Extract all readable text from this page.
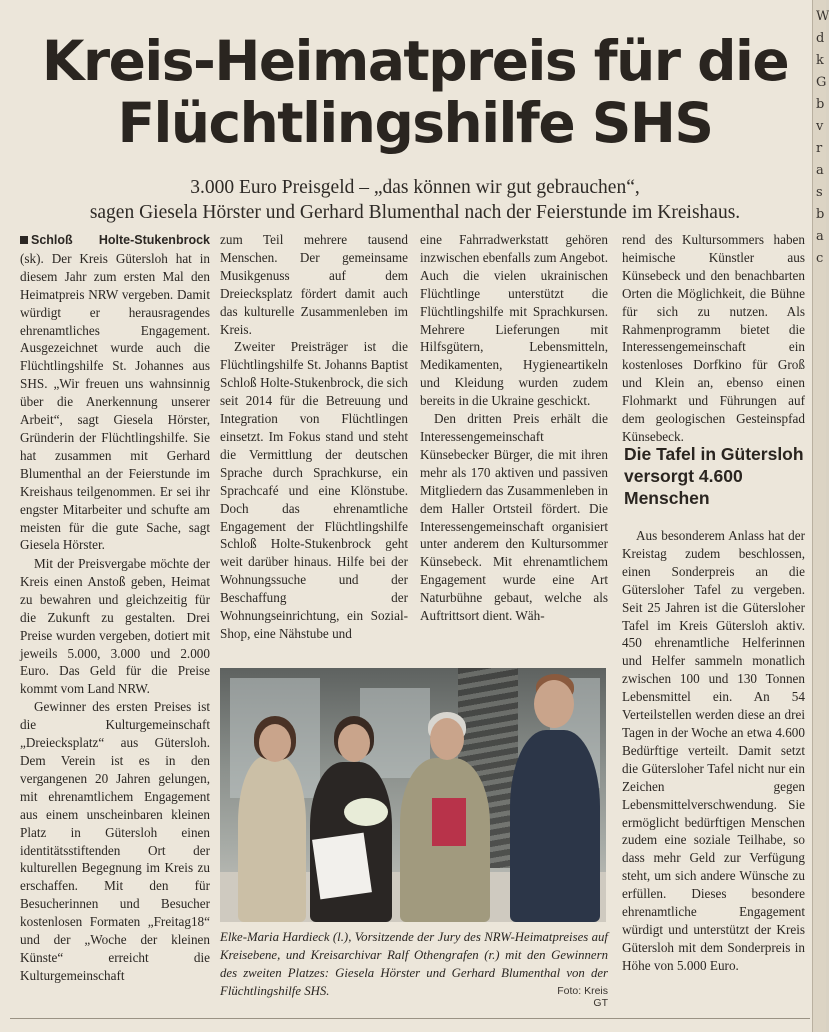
Kreis-Heimatpreis für die
Flüchtlingshilfe SHS
3.000 Euro Preisgeld – „das können wir gut gebrauchen“,
sagen Giesela Hörster und Gerhard Blumenthal nach der Feierstunde im Kreishaus.

Schloß Holte-Stukenbrock (sk). Der Kreis Gütersloh hat in diesem Jahr zum ersten Mal den Heimatpreis NRW vergeben. Damit würdigt er herausragendes ehrenamtliches Engagement. Ausgezeichnet wurde auch die Flüchtlingshilfe St. Johannes aus SHS. „Wir freuen uns wahnsinnig über die Anerkennung unserer Arbeit“, sagt Giesela Hörster, Gründerin der Flüchtlingshilfe. Sie hat zusammen mit Gerhard Blumenthal an der Feierstunde im Kreishaus teilgenommen. Er sei ihr engster Mitarbeiter und schufte am meisten für die gute Sache, sagt Giesela Hörster.

Mit der Preisvergabe möchte der Kreis einen Anstoß geben, Heimat zu bewahren und gleichzeitig für die Zukunft zu gestalten. Drei Preise wurden vergeben, dotiert mit jeweils 5.000, 3.000 und 2.000 Euro. Das Geld für die Preise kommt vom Land NRW.

Gewinner des ersten Preises ist die Kulturgemeinschaft „Dreiecksplatz“ aus Gütersloh. Dem Verein ist es in den vergangenen 20 Jahren gelungen, mit ehrenamtlichem Engagement aus einem unscheinbaren kleinen Platz in Gütersloh einen identitätsstiftenden Ort der kulturellen Begegnung im Kreis zu erschaffen. Mit den für Besucherinnen und Besucher kostenlosen Formaten „Freitag18“ und der „Woche der kleinen Künste“ erreicht die Kulturgemeinschaft

zum Teil mehrere tausend Menschen. Der gemeinsame Musikgenuss auf dem Dreiecksplatz fördert damit auch das kulturelle Zusammenleben im Kreis.

Zweiter Preisträger ist die Flüchtlingshilfe St. Johanns Baptist Schloß Holte-Stukenbrock, die sich seit 2014 für die Betreuung und Integration von Flüchtlingen einsetzt. Im Fokus stand und steht die Vermittlung der deutschen Sprache durch Sprachkurse, ein Sprachcafé und eine Klönstube. Doch das ehrenamtliche Engagement der Flüchtlingshilfe Schloß Holte-Stukenbrock geht weit darüber hinaus. Hilfe bei der Wohnungssuche und der Beschaffung der Wohnungseinrichtung, ein Sozial-Shop, eine Nähstube und

eine Fahrradwerkstatt gehören inzwischen ebenfalls zum Angebot. Auch die vielen ukrainischen Flüchtlinge unterstützt die Flüchtlingshilfe mit Sprachkursen. Mehrere Lieferungen mit Hilfsgütern, Lebensmitteln, Medikamenten, Hygieneartikeln und Kleidung wurden zudem bereits in die Ukraine geschickt.

Den dritten Preis erhält die Interessengemeinschaft Künsebecker Bürger, die mit ihren mehr als 170 aktiven und passiven Mitgliedern das Zusammenleben in dem Haller Ortsteil fördert. Die Interessengemeinschaft organisiert unter anderem den Kultursommer Künsebeck. Mit ehrenamtlichem Engagement wurde eine Art Naturbühne gebaut, welche als Auftrittsort dient. Wäh-

rend des Kultursommers haben heimische Künstler aus Künsebeck und den benachbarten Orten die Möglichkeit, die Bühne für sich zu nutzen. Als Rahmenprogramm bietet die Interessengemeinschaft ein kostenloses Dorfkino für Groß und Klein an, ebenso einen Flohmarkt und Führungen auf dem geologischen Gesteinspfad Künsebeck.

Die Tafel in Gütersloh versorgt 4.600 Menschen

Aus besonderem Anlass hat der Kreistag zudem beschlossen, einen Sonderpreis an die Gütersloher Tafel zu vergeben. Seit 25 Jahren ist die Gütersloher Tafel im Kreis Gütersloh aktiv. 450 ehrenamtliche Helferinnen und Helfer sammeln monatlich zwischen 100 und 130 Tonnen Lebensmittel ein. An 54 Verteilstellen werden diese an drei Tagen in der Woche an etwa 4.600 Bedürftige verteilt. Damit setzt die Gütersloher Tafel nicht nur ein Zeichen gegen Lebensmittelverschwendung. Sie ermöglicht bedürftigen Menschen zudem eine soziale Teilhabe, so dass mehr Geld zur Verfügung steht, um sich andere Wünsche zu erfüllen. Dieses besondere ehrenamtliche Engagement würdigt und unterstützt der Kreis Gütersloh mit dem Sonderpreis in Höhe von 5.000 Euro.

Elke-Maria Hardieck (l.), Vorsitzende der Jury des NRW-Heimatpreises auf Kreisebene, und Kreisarchivar Ralf Othengrafen (r.) mit den Gewinnern des zweiten Platzes: Giesela Hörster und Gerhard Blumenthal von der Flüchtlingshilfe SHS.	Foto: Kreis GT
W d k G b v r a s b a c
